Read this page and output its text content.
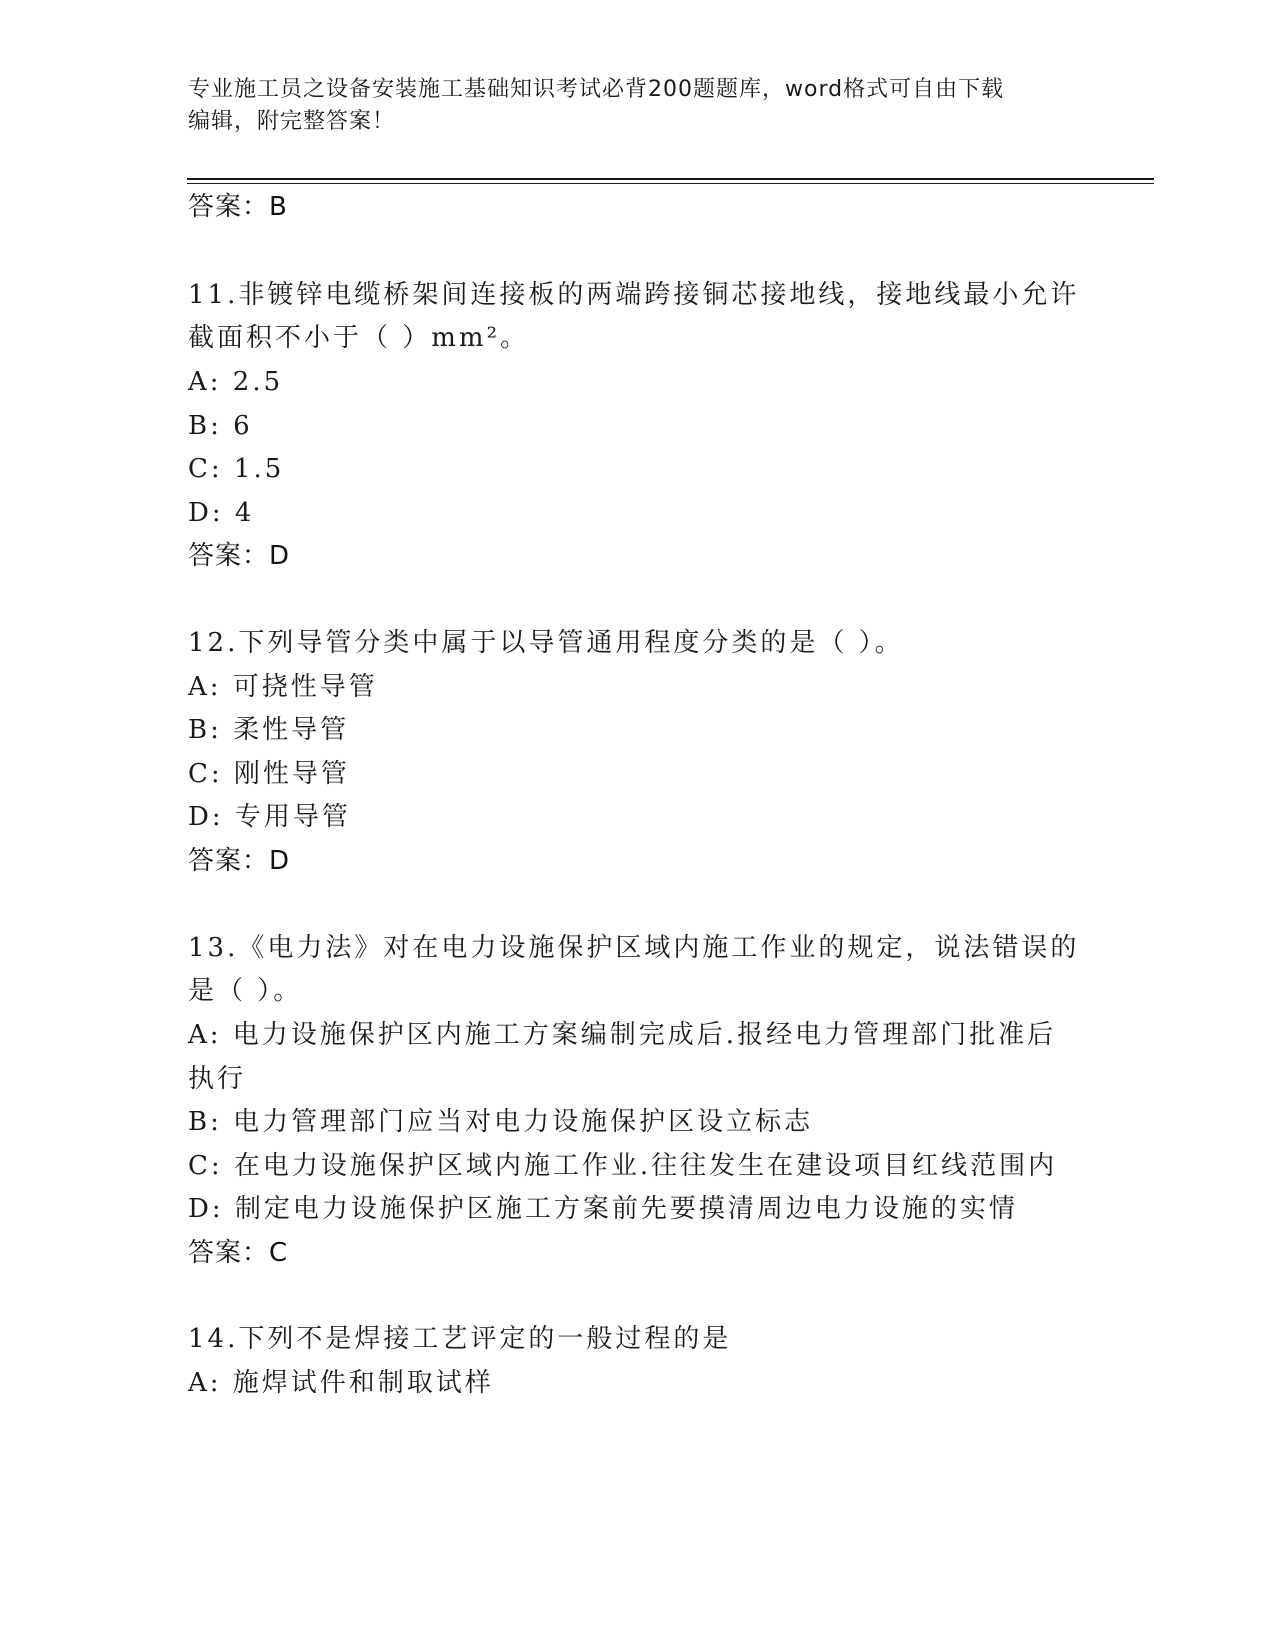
专业施工员之设备安装施工基础知识考试必背200题题库，word格式可自由下载
编辑，附完整答案！
答案：B
11.非镀锌电缆桥架间连接板的两端跨接铜芯接地线，接地线最小允许
截面积不小于（ ）mm²。
A: 2.5
B: 6
C: 1.5
D: 4
答案：D
12.下列导管分类中属于以导管通用程度分类的是（ ）。
A: 可挠性导管
B: 柔性导管
C: 刚性导管
D: 专用导管
答案：D
13.《电力法》对在电力设施保护区域内施工作业的规定，说法错误的
是（ ）。
A: 电力设施保护区内施工方案编制完成后.报经电力管理部门批准后
执行
B: 电力管理部门应当对电力设施保护区设立标志
C: 在电力设施保护区域内施工作业.往往发生在建设项目红线范围内
D: 制定电力设施保护区施工方案前先要摸清周边电力设施的实情
答案：C
14.下列不是焊接工艺评定的一般过程的是
A: 施焊试件和制取试样
